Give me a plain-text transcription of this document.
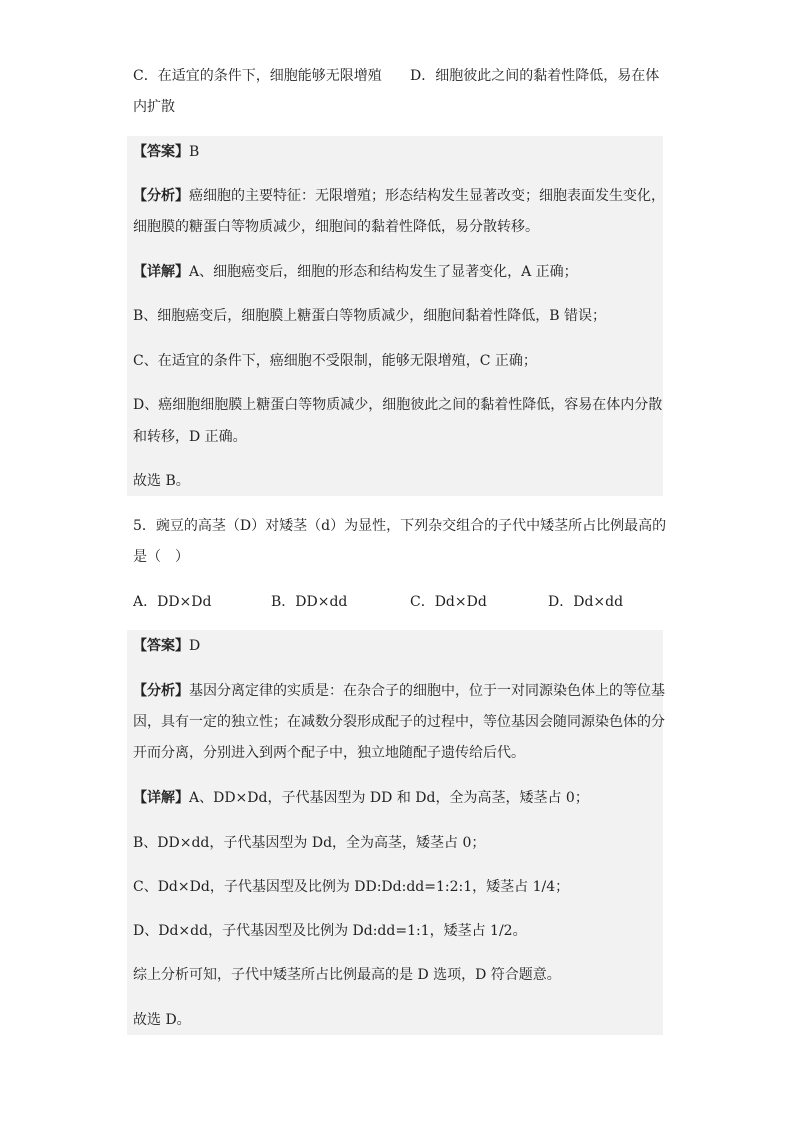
C．在适宜的条件下，细胞能够无限增殖 D．细胞彼此之间的黏着性降低，易在体
内扩散
【答案】B
【分析】癌细胞的主要特征：无限增殖；形态结构发生显著改变；细胞表面发生变化，
细胞膜的糖蛋白等物质减少，细胞间的黏着性降低，易分散转移。
【详解】A、细胞癌变后，细胞的形态和结构发生了显著变化，A 正确；
B、细胞癌变后，细胞膜上糖蛋白等物质减少，细胞间黏着性降低，B 错误；
C、在适宜的条件下，癌细胞不受限制，能够无限增殖，C 正确；
D、癌细胞细胞膜上糖蛋白等物质减少，细胞彼此之间的黏着性降低，容易在体内分散
和转移，D 正确。
故选 B。
5．豌豆的高茎（D）对矮茎（d）为显性，下列杂交组合的子代中矮茎所占比例最高的
是（　）
A．DD×Dd	B．DD×dd	C．Dd×Dd	D．Dd×dd
【答案】D
【分析】基因分离定律的实质是：在杂合子的细胞中，位于一对同源染色体上的等位基
因，具有一定的独立性；在减数分裂形成配子的过程中，等位基因会随同源染色体的分
开而分离，分别进入到两个配子中，独立地随配子遗传给后代。
【详解】A、DD×Dd，子代基因型为 DD 和 Dd，全为高茎，矮茎占 0；
B、DD×dd，子代基因型为 Dd，全为高茎，矮茎占 0；
C、Dd×Dd，子代基因型及比例为 DD:Dd:dd=1:2:1，矮茎占 1/4；
D、Dd×dd，子代基因型及比例为 Dd:dd=1:1，矮茎占 1/2。
综上分析可知，子代中矮茎所占比例最高的是 D 选项，D 符合题意。
故选 D。
